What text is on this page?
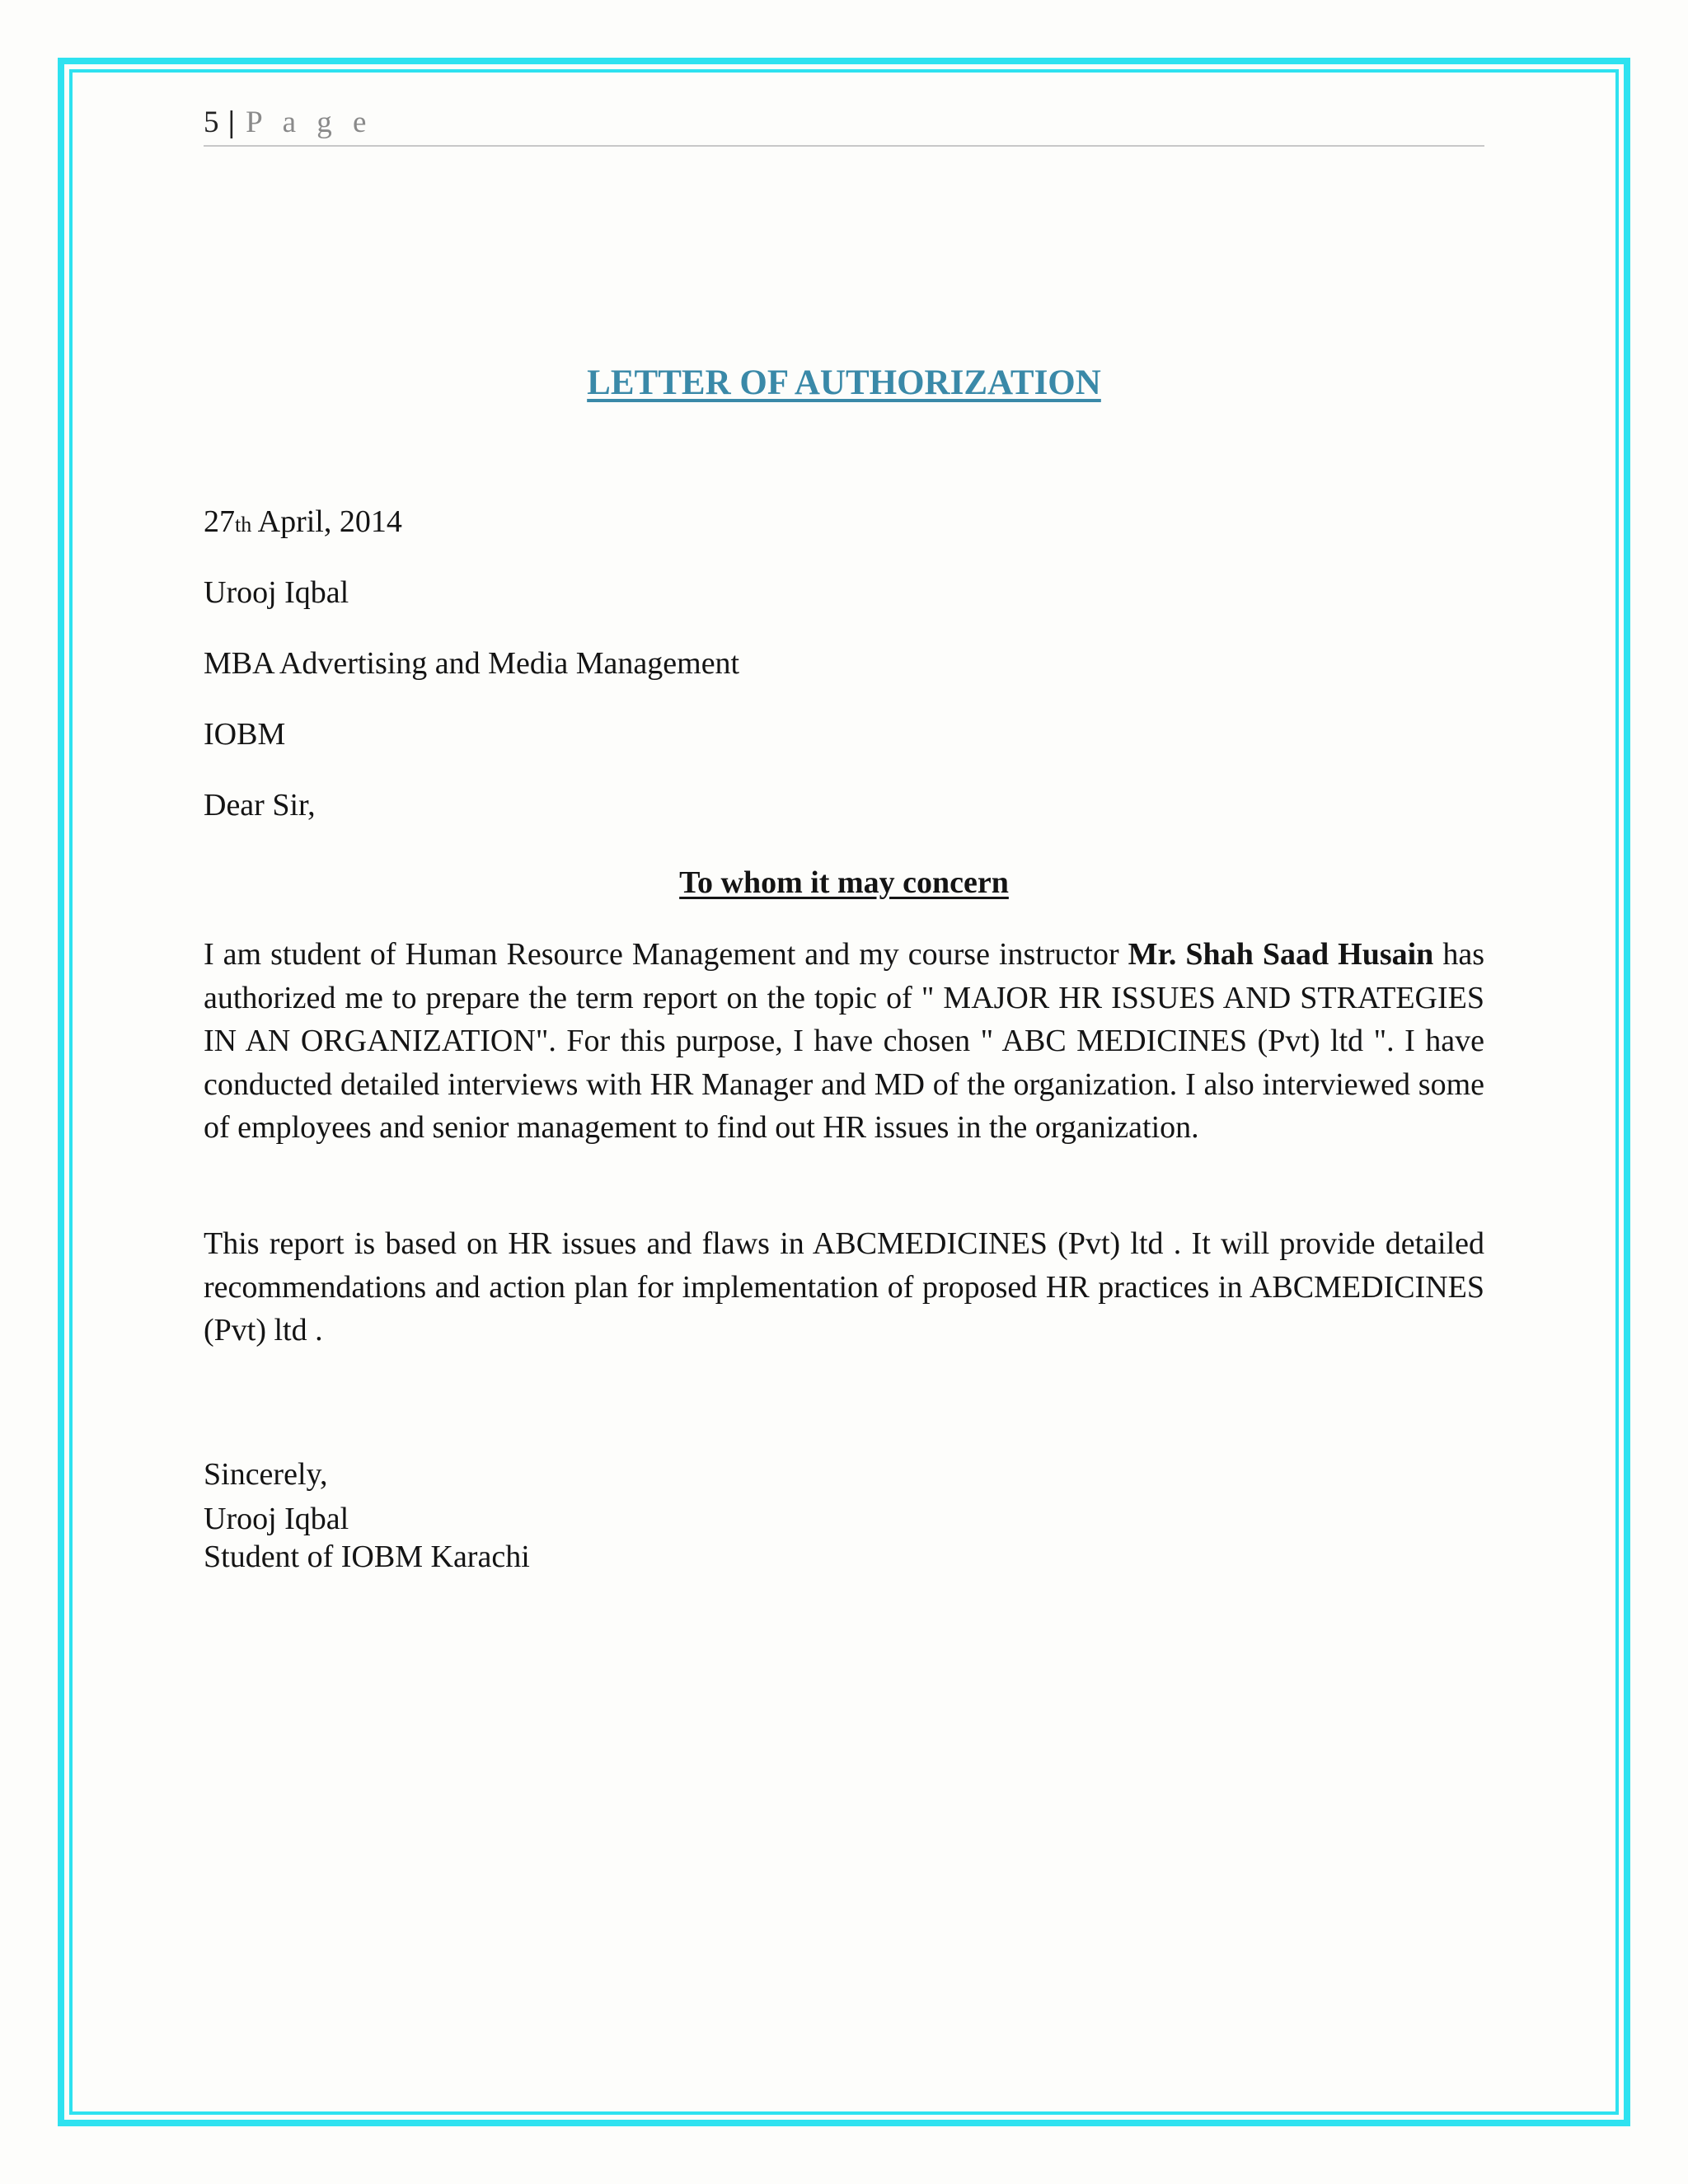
5 | P a g e
LETTER OF AUTHORIZATION
27th April, 2014
Urooj Iqbal
MBA Advertising and Media Management
IOBM
Dear Sir,
To whom it may concern
I am student of Human Resource Management and my course instructor Mr. Shah Saad Husain has authorized me to prepare the term report on the topic of " MAJOR HR ISSUES AND STRATEGIES IN AN ORGANIZATION". For this purpose, I have chosen " ABC MEDICINES (Pvt) ltd ". I have conducted detailed interviews with HR Manager and MD of the organization. I also interviewed some of employees and senior management to find out HR issues in the organization.
This report is based on HR issues and flaws in ABCMEDICINES (Pvt) ltd . It will provide detailed recommendations and action plan for implementation of proposed HR practices in ABCMEDICINES (Pvt) ltd .
Sincerely,
Urooj Iqbal
Student of IOBM Karachi
